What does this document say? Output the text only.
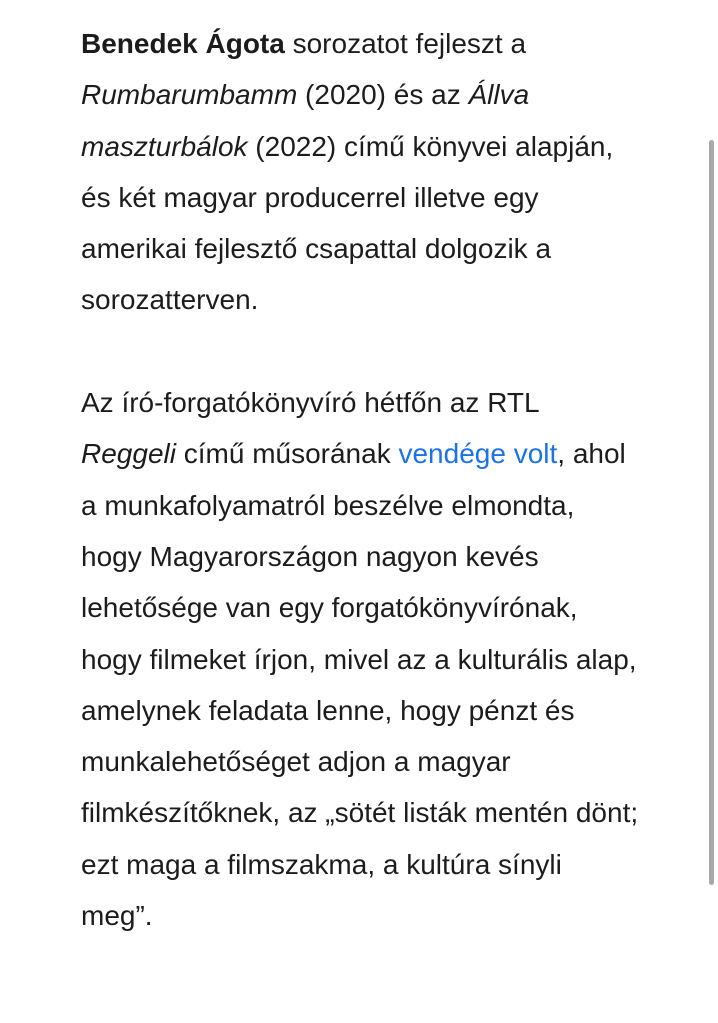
Benedek Ágota sorozatot fejleszt a Rumbarumbamm (2020) és az Állva maszturbálok (2022) című könyvei alapján, és két magyar producerrel illetve egy amerikai fejlesztő csapattal dolgozik a sorozatterven.

Az író-forgatókönyvíró hétfőn az RTL Reggeli című műsorának vendége volt, ahol a munkafolyamatról beszélve elmondta, hogy Magyarországon nagyon kevés lehetősége van egy forgatókönyvírónak, hogy filmeket írjon, mivel az a kulturális alap, amelynek feladata lenne, hogy pénzt és munkalehetőséget adjon a magyar filmkészítőknek, az „sötét listák mentén dönt; ezt maga a filmszakma, a kultúra sínyli meg”.
